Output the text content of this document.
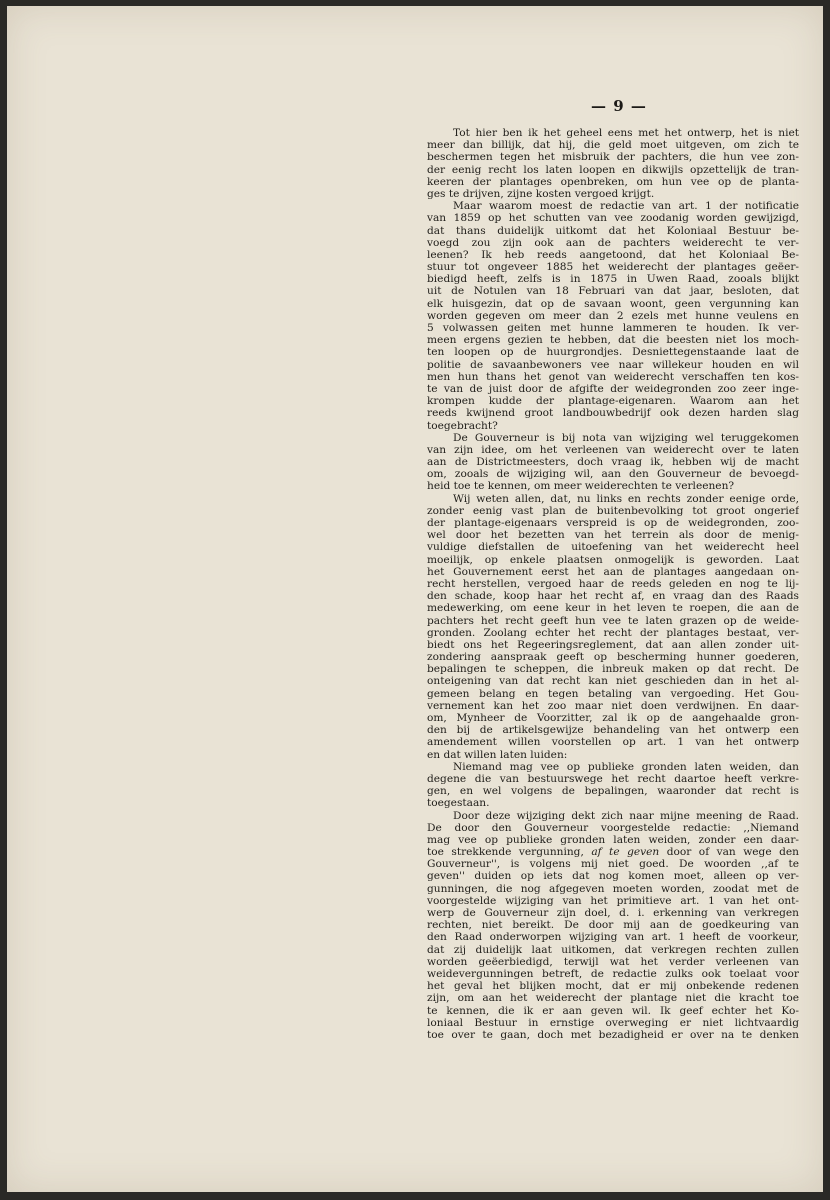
— 9 —
Tot hier ben ik het geheel eens met het ontwerp, het is niet
meer dan billijk, dat hij, die geld moet uitgeven, om zich te
beschermen tegen het misbruik der pachters, die hun vee zon-
der eenig recht los laten loopen en dikwijls opzettelijk de tran-
keeren der plantages openbreken, om hun vee op de planta-
ges te drijven, zijne kosten vergoed krijgt.
Maar waarom moest de redactie van art. 1 der notificatie
van 1859 op het schutten van vee zoodanig worden gewijzigd,
dat thans duidelijk uitkomt dat het Koloniaal Bestuur be-
voegd zou zijn ook aan de pachters weiderecht te ver-
leenen? Ik heb reeds aangetoond, dat het Koloniaal Be-
stuur tot ongeveer 1885 het weiderecht der plantages geëer-
biedigd heeft, zelfs is in 1875 in Uwen Raad, zooals blijkt
uit de Notulen van 18 Februari van dat jaar, besloten, dat
elk huisgezin, dat op de savaan woont, geen vergunning kan
worden gegeven om meer dan 2 ezels met hunne veulens en
5 volwassen geiten met hunne lammeren te houden. Ik ver-
meen ergens gezien te hebben, dat die beesten niet los moch-
ten loopen op de huurgrondjes. Desniettegenstaande laat de
politie de savaanbewoners vee naar willekeur houden en wil
men hun thans het genot van weiderecht verschaffen ten kos-
te van de juist door de afgifte der weidegronden zoo zeer inge-
krompen kudde der plantage-eigenaren. Waarom aan het
reeds kwijnend groot landbouwbedrijf ook dezen harden slag
toegebracht?
De Gouverneur is bij nota van wijziging wel teruggekomen
van zijn idee, om het verleenen van weiderecht over te laten
aan de Districtmeesters, doch vraag ik, hebben wij de macht
om, zooals de wijziging wil, aan den Gouverneur de bevoegd-
heid toe te kennen, om meer weiderechten te verleenen?
Wij weten allen, dat, nu links en rechts zonder eenige orde,
zonder eenig vast plan de buitenbevolking tot groot ongerief
der plantage-eigenaars verspreid is op de weidegronden, zoo-
wel door het bezetten van het terrein als door de menig-
vuldige diefstallen de uitoefening van het weiderecht heel
moeilijk, op enkele plaatsen onmogelijk is geworden. Laat
het Gouvernement eerst het aan de plantages aangedaan on-
recht herstellen, vergoed haar de reeds geleden en nog te lij-
den schade, koop haar het recht af, en vraag dan des Raads
medewerking, om eene keur in het leven te roepen, die aan de
pachters het recht geeft hun vee te laten grazen op de weide-
gronden. Zoolang echter het recht der plantages bestaat, ver-
biedt ons het Regeeringsreglement, dat aan allen zonder uit-
zondering aanspraak geeft op bescherming hunner goederen,
bepalingen te scheppen, die inbreuk maken op dat recht. De
onteigening van dat recht kan niet geschieden dan in het al-
gemeen belang en tegen betaling van vergoeding. Het Gou-
vernement kan het zoo maar niet doen verdwijnen. En daar-
om, Mynheer de Voorzitter, zal ik op de aangehaalde gron-
den bij de artikelsgewijze behandeling van het ontwerp een
amendement willen voorstellen op art. 1 van het ontwerp
en dat willen laten luiden:
Niemand mag vee op publieke gronden laten weiden, dan
degene die van bestuurswege het recht daartoe heeft verkre-
gen, en wel volgens de bepalingen, waaronder dat recht is
toegestaan.
Door deze wijziging dekt zich naar mijne meening de Raad.
De door den Gouverneur voorgestelde redactie: ,,Niemand
mag vee op publieke gronden laten weiden, zonder een daar-
toe strekkende vergunning, af te geven door of van wege den
Gouverneur'', is volgens mij niet goed. De woorden ,,af te
geven'' duiden op iets dat nog komen moet, alleen op ver-
gunningen, die nog afgegeven moeten worden, zoodat met de
voorgestelde wijziging van het primitieve art. 1 van het ont-
werp de Gouverneur zijn doel, d. i. erkenning van verkregen
rechten, niet bereikt. De door mij aan de goedkeuring van
den Raad onderworpen wijziging van art. 1 heeft de voorkeur,
dat zij duidelijk laat uitkomen, dat verkregen rechten zullen
worden geëerbiedigd, terwijl wat het verder verleenen van
weidevergunningen betreft, de redactie zulks ook toelaat voor
het geval het blijken mocht, dat er mij onbekende redenen
zijn, om aan het weiderecht der plantage niet die kracht toe
te kennen, die ik er aan geven wil. Ik geef echter het Ko-
loniaal Bestuur in ernstige overweging er niet lichtvaardig
toe over te gaan, doch met bezadigheid er over na te denken
